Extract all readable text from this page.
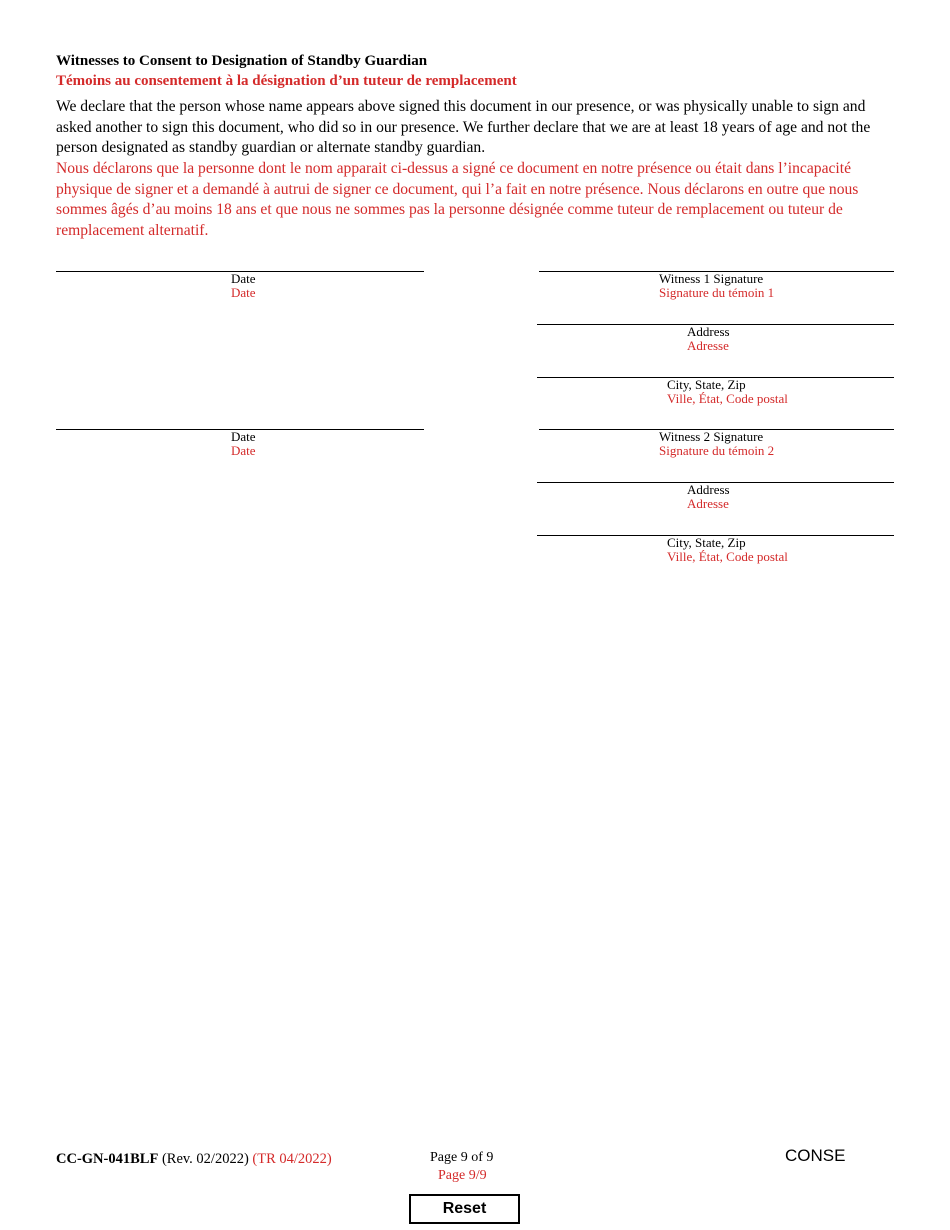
Witnesses to Consent to Designation of Standby Guardian
Témoins au consentement à la désignation d’un tuteur de remplacement
We declare that the person whose name appears above signed this document in our presence, or was physically unable to sign and asked another to sign this document, who did so in our presence. We further declare that we are at least 18 years of age and not the person designated as standby guardian or alternate standby guardian.
Nous déclarons que la personne dont le nom apparait ci-dessus a signé ce document en notre présence ou était dans l’incapacité physique de signer et a demandé à autrui de signer ce document, qui l’a fait en notre présence. Nous déclarons en outre que nous sommes âgés d’au moins 18 ans et que nous ne sommes pas la personne désignée comme tuteur de remplacement ou tuteur de remplacement alternatif.
Date
Date
Witness 1 Signature
Signature du témoin 1
Address
Adresse
City, State, Zip
Ville, État, Code postal
Date
Date
Witness 2 Signature
Signature du témoin 2
Address
Adresse
City, State, Zip
Ville, État, Code postal
CC-GN-041BLF (Rev. 02/2022) (TR 04/2022)	Page 9 of 9
Page 9/9
CONSE
Reset
